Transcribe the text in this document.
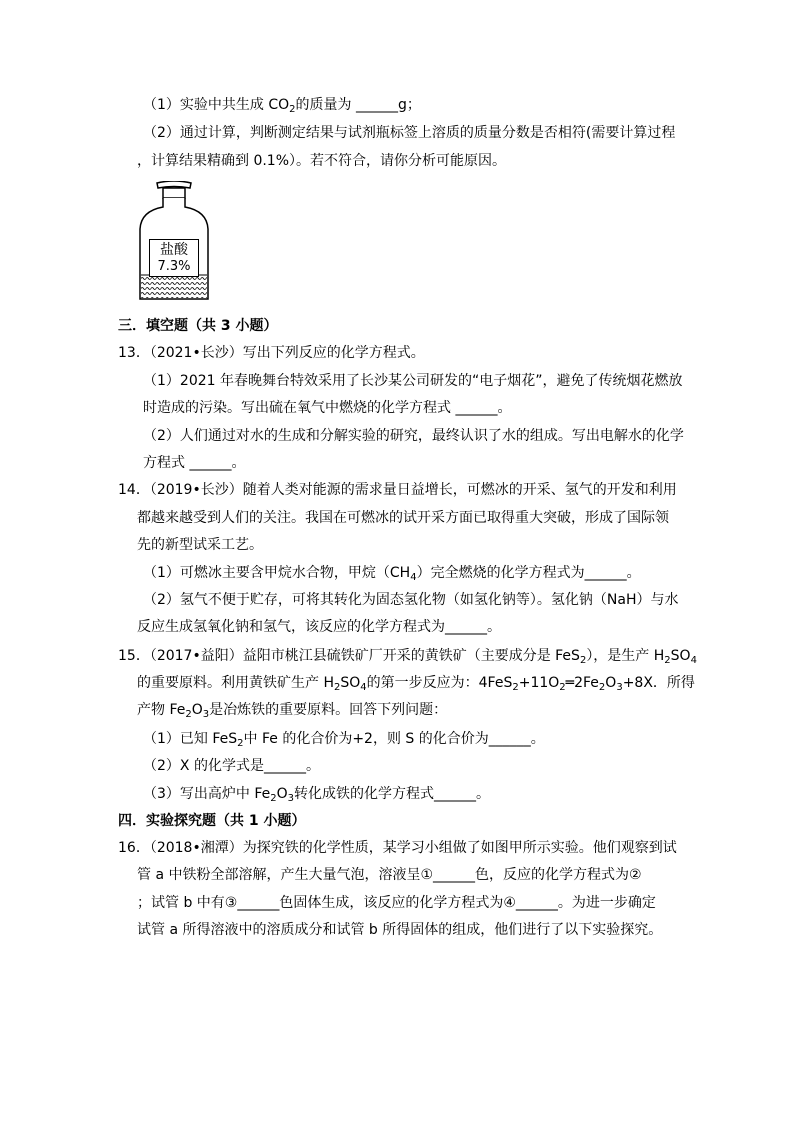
（1）实验中共生成 $CO_2$的质量为 ______g；
（2）通过计算，判断测定结果与试剂瓶标签上溶质的质量分数是否相符(需要计算过程
，计算结果精确到 0.1%）。若不符合，请你分析可能原因。
盐酸
7.3%
三．填空题（共 3 小题）
13．（2021•长沙）写出下列反应的化学方程式。
（1）2021 年春晚舞台特效采用了长沙某公司研发的“电子烟花”，避免了传统烟花燃放
时造成的污染。写出硫在氧气中燃烧的化学方程式 ______。
（2）人们通过对水的生成和分解实验的研究，最终认识了水的组成。写出电解水的化学
方程式 ______。
14．（2019•长沙）随着人类对能源的需求量日益增长，可燃冰的开采、氢气的开发和利用
都越来越受到人们的关注。我国在可燃冰的试开采方面已取得重大突破，形成了国际领
先的新型试采工艺。
（1）可燃冰主要含甲烷水合物，甲烷$(CH_4)$完全燃烧的化学方程式为______。
（2）氢气不便于贮存，可将其转化为固态氢化物（如氢化钠等）。氢化钠（NaH）与水
反应生成氢氧化钠和氢气，该反应的化学方程式为______。
15．（2017•益阳）益阳市桃江县硫铁矿厂开采的黄铁矿（主要成分是 FeS$_2$），是生产 $H_2SO_4$
的重要原料。利用黄铁矿生产 $H_2SO_4$的第一步反应为：$4FeS_2+11O_2═2Fe_2O_3+8X$．所得
产物 $Fe_2O_3$是冶炼铁的重要原料。回答下列问题：
（1）已知 FeS$_2$中 Fe 的化合价为+2，则 S 的化合价为______。
（2）X 的化学式是______。
（3）写出高炉中 $Fe_2O_3$转化成铁的化学方程式______。
四．实验探究题（共 1 小题）
16．（2018•湘潭）为探究铁的化学性质，某学习小组做了如图甲所示实验。他们观察到试
管 a 中铁粉全部溶解，产生大量气泡，溶液呈①______色，反应的化学方程式为②
；试管 b 中有③______色固体生成，该反应的化学方程式为④______。为进一步确定
试管 a 所得溶液中的溶质成分和试管 b 所得固体的组成，他们进行了以下实验探究。
